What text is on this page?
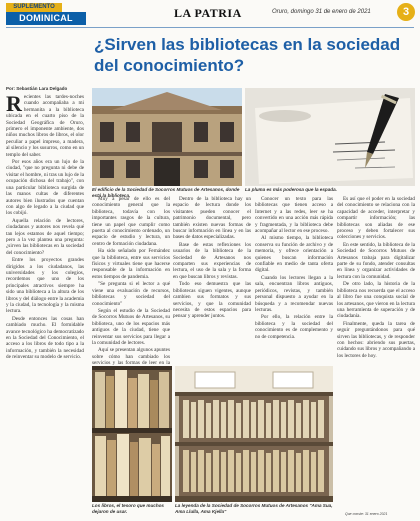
SUPLEMENTO
DOMINICAL	LA PATRIA	Oruro, domingo 31 de enero de 2021	3
¿Sirven las bibliotecas en la sociedad del conocimiento?
Por: Sebastián Lara Delgado
R ecientes las tardes-noches cuando acompañaba a mi hermanita a la biblioteca ubicada en el cuarto piso de la Sociedad Geográfica de Oruro, primero el imponente ambiente, dos niños muchos libros de libros, el olor peculiar a papel impreso, a madera, al silencio y los susurros, como en un templo del saber.

Por esos años era un lujo de la ciudad, "que no pregunta ni debe de visitar el hombre, ni tras un lujo de la ocupación dichosa del trabajo", con una particular biblioteca surgida de las manos cultas de diferentes autores bien ilustrados que cuentan con algo de legado a la ciudad que los cobijó.

Aquella relación de lectores, ciudadanos y autores nos revela qué tan lejos estamos de aquel tiempo; pero a la vez plantea una pregunta: ¿sirven las bibliotecas en la sociedad del conocimiento?

Entre los proyectos grandes dirigidos a los ciudadanos, las universidades y los colegios, recordemos que uno de los principales atractivos siempre ha sido una biblioteca a la altura de los libros y del diálogo entre la academia y la ciudad, la tecnología y la misma lectura.

Desde entonces las cosas han cambiado mucho. El formidable avance tecnológico ha democratizado en la Sociedad del Conocimiento, el acceso a los libros de todo tipo a la información, y también la necesidad de reinventar su modelo de servicio.

El edificio de la Sociedad de Socorros Mutuos de Artesanos, donde está la biblioteca.
La pluma es más poderosa que la espada.

Muy a pesar de ello es del conocimiento general que la biblioteca, todavía con los importantes rasgos de la cultura, tiene un papel que cumplir como puerta al conocimiento ordenado, un espacio de estudio y lectura, un centro de formación ciudadana.

Ha sido señalado por Fernández que la biblioteca, entre sus servicios físicos y virtuales tiene que hacerse responsable de la información en estos tiempos de pandemia.

"Se pregunta si el lector a qué viene una evaluación de recursos, bibliotecas y sociedad del conocimiento"

Según el estudio de la Sociedad de Socorros Mutuos de Artesanos, su biblioteca, uno de los espacios más antiguos de la ciudad, tiene que reinventar sus servicios para llegar a la comunidad de lectores.

Aquí se presentan algunos apuntes sobre cómo han cambiado los servicios y las formas de leer en la

Dentro de la biblioteca hay un espacio de lectura donde los visitantes pueden conocer el patrimonio documental, pero también existen nuevas formas de buscar información en línea y en las bases de datos especializadas.

Base de estas reflexiones los usuarios de la biblioteca de la Sociedad de Artesanos nos comparten sus experiencias de lectura, el uso de la sala y la forma en que buscan libros y revistas.

Todo eso demuestra que las bibliotecas siguen vigentes, aunque cambien sus formatos y sus servicios, y que la comunidad necesita de estos espacios para pensar y aprender juntos.

Conocer un texto para las bibliotecas que tienen acceso a Internet y a las redes, leer se ha convertido en una acción más rápida y fragmentada, y la biblioteca debe acompañar al lector en ese proceso.

Al mismo tiempo, la biblioteca conserva su función de archivo y de memoria, y ofrece orientación a quienes buscan información confiable en medio de tanta oferta digital.

Cuando los lectores llegan a la sala, encuentran libros antiguos, periódicos, revistas, y también personal dispuesto a ayudar en la búsqueda y a recomendar nuevas lecturas.

Por ello, la relación entre la biblioteca y la sociedad del conocimiento es de complemento y no de competencia.

Es así que el poder en la sociedad del conocimiento se relaciona con la capacidad de acceder, interpretar y compartir información; las bibliotecas son aliadas de ese proceso y deben fortalecer sus colecciones y servicios.

En este sentido, la biblioteca de la Sociedad de Socorros Mutuos de Artesanos trabaja para digitalizar parte de su fondo, atender consultas en línea y organizar actividades de lectura con la comunidad.

De otro lado, la historia de la biblioteca nos recuerda que el acceso al libro fue una conquista social de los artesanos, que vieron en la lectura una herramienta de superación y de ciudadanía.

Finalmente, queda la tarea de seguir preguntándonos para qué sirven las bibliotecas, y de responder con hechos: abriendo sus puertas, cuidando sus libros y acompañando a los lectores de hoy.

Los libros, el tesoro que muchos dejaron de usar.
La leyenda de la Sociedad de Socorros Mutuos de Artesanos "Ama Sua, Ama Llulla, Ama Kjella"
Que conste: 31 enero 2021
